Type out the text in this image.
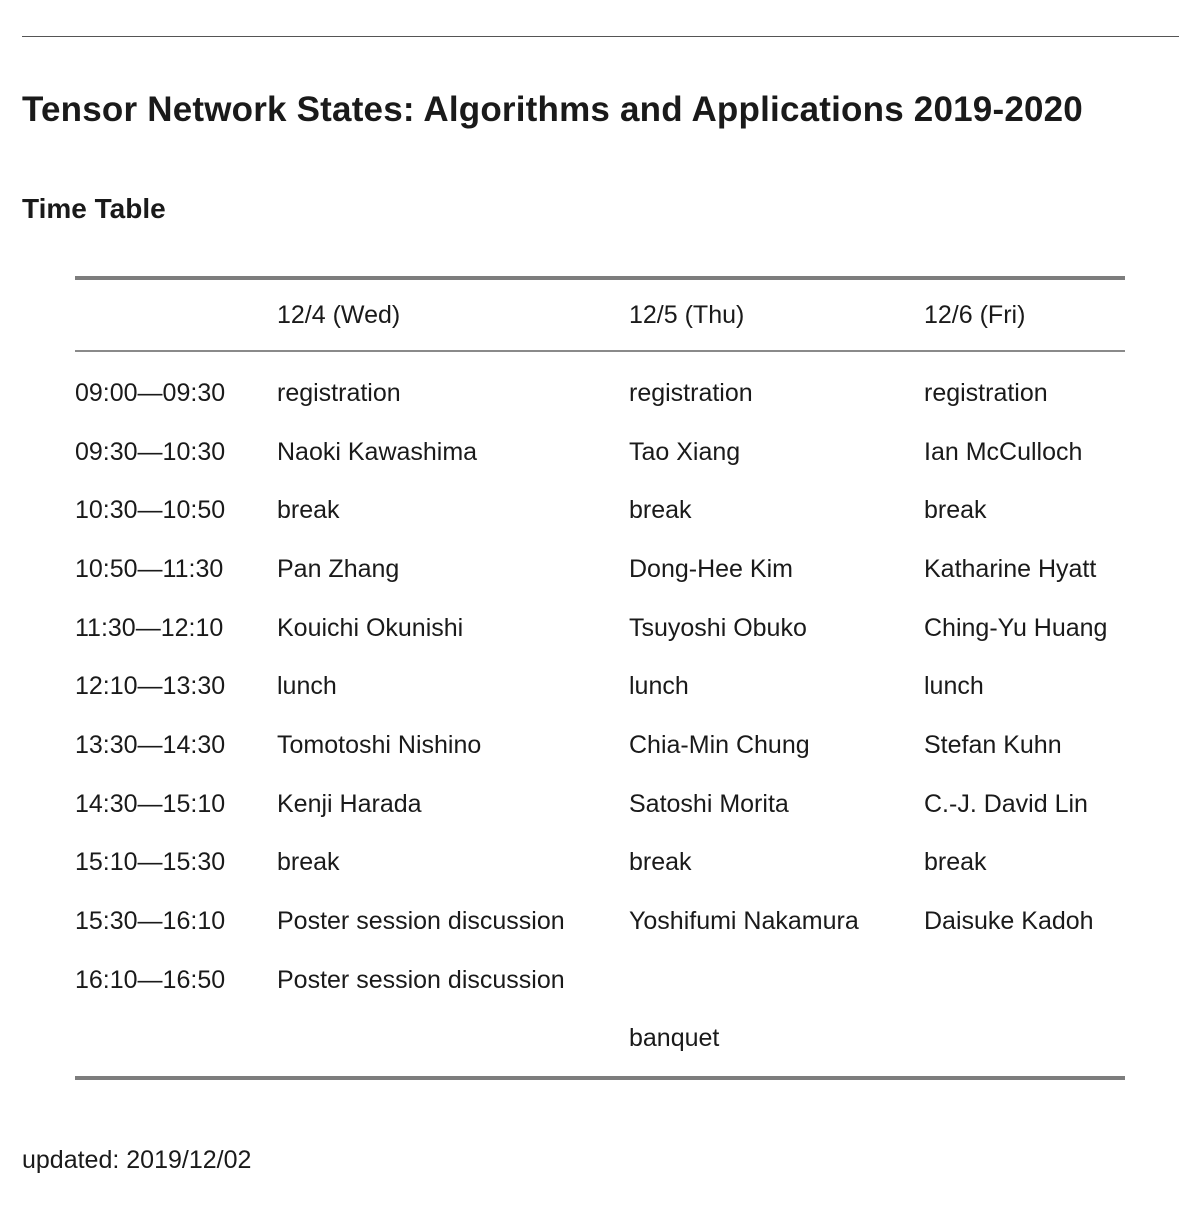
Tensor Network States: Algorithms and Applications 2019-2020
Time Table
	12/4 (Wed)	12/5 (Thu)	12/6 (Fri)
09:00—09:30	registration	registration	registration
09:30—10:30	Naoki Kawashima	Tao Xiang	Ian McCulloch
10:30—10:50	break	break	break
10:50—11:30	Pan Zhang	Dong-Hee Kim	Katharine Hyatt
11:30—12:10	Kouichi Okunishi	Tsuyoshi Obuko	Ching-Yu Huang
12:10—13:30	lunch	lunch	lunch
13:30—14:30	Tomotoshi Nishino	Chia-Min Chung	Stefan Kuhn
14:30—15:10	Kenji Harada	Satoshi Morita	C.-J. David Lin
15:10—15:30	break	break	break
15:30—16:10	Poster session discussion	Yoshifumi Nakamura	Daisuke Kadoh
16:10—16:50	Poster session discussion		
		banquet	
updated: 2019/12/02
